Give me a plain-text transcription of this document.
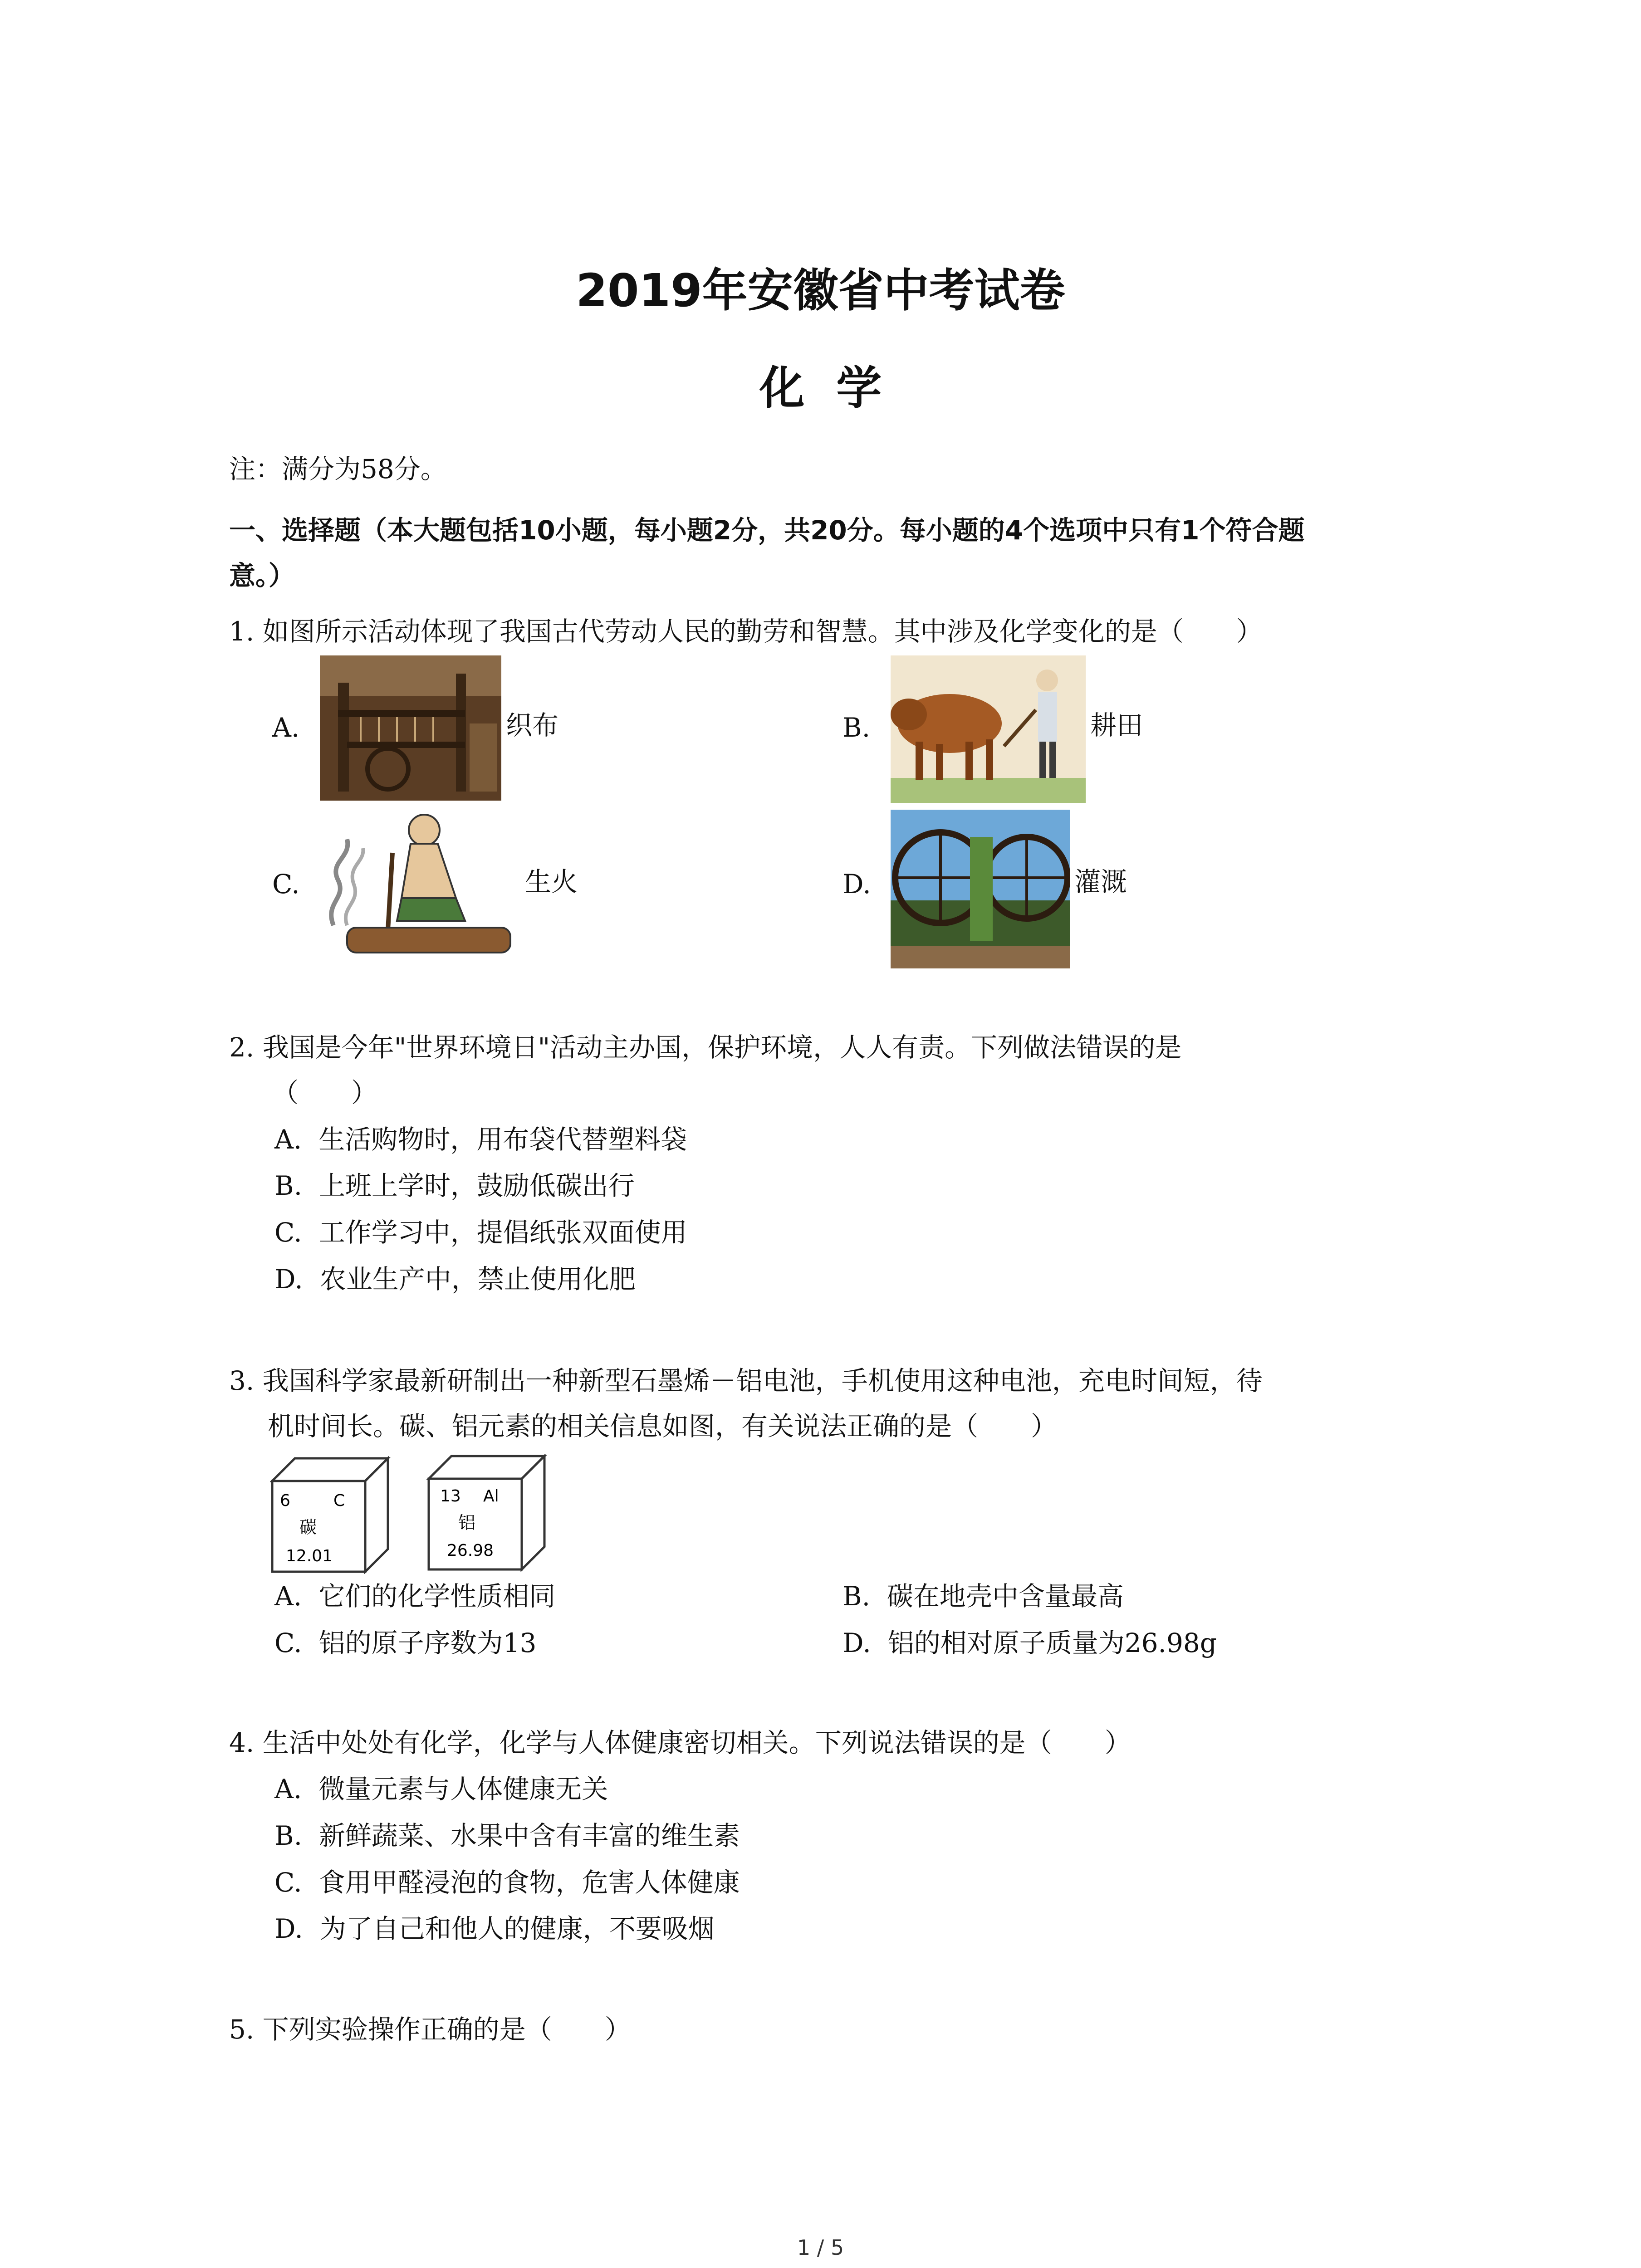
2019年安徽省中考试卷
化  学
注：满分为58分。
一、选择题（本大题包括10小题，每小题2分，共20分。每小题的4个选项中只有1个符合题
意。）
1. 如图所示活动体现了我国古代劳动人民的勤劳和智慧。其中涉及化学变化的是（　　）
A.	织布	B.	耕田
C.	生火	D.	灌溉
2. 我国是今年"世界环境日"活动主办国，保护环境，人人有责。下列做法错误的是
（　　）
A.  生活购物时，用布袋代替塑料袋
B.  上班上学时，鼓励低碳出行
C.  工作学习中，提倡纸张双面使用
D.  农业生产中，禁止使用化肥
3. 我国科学家最新研制出一种新型石墨烯－铝电池，手机使用这种电池，充电时间短，待
机时间长。碳、铝元素的相关信息如图，有关说法正确的是（　　）
6	C
碳
12.01
13 Al
铝
26.98
A.  它们的化学性质相同	B.  碳在地壳中含量最高
C.  铝的原子序数为13	D.  铝的相对原子质量为26.98g
4. 生活中处处有化学，化学与人体健康密切相关。下列说法错误的是（　　）
A.  微量元素与人体健康无关
B.  新鲜蔬菜、水果中含有丰富的维生素
C.  食用甲醛浸泡的食物，危害人体健康
D.  为了自己和他人的健康，不要吸烟
5. 下列实验操作正确的是（　　）
1 / 5
